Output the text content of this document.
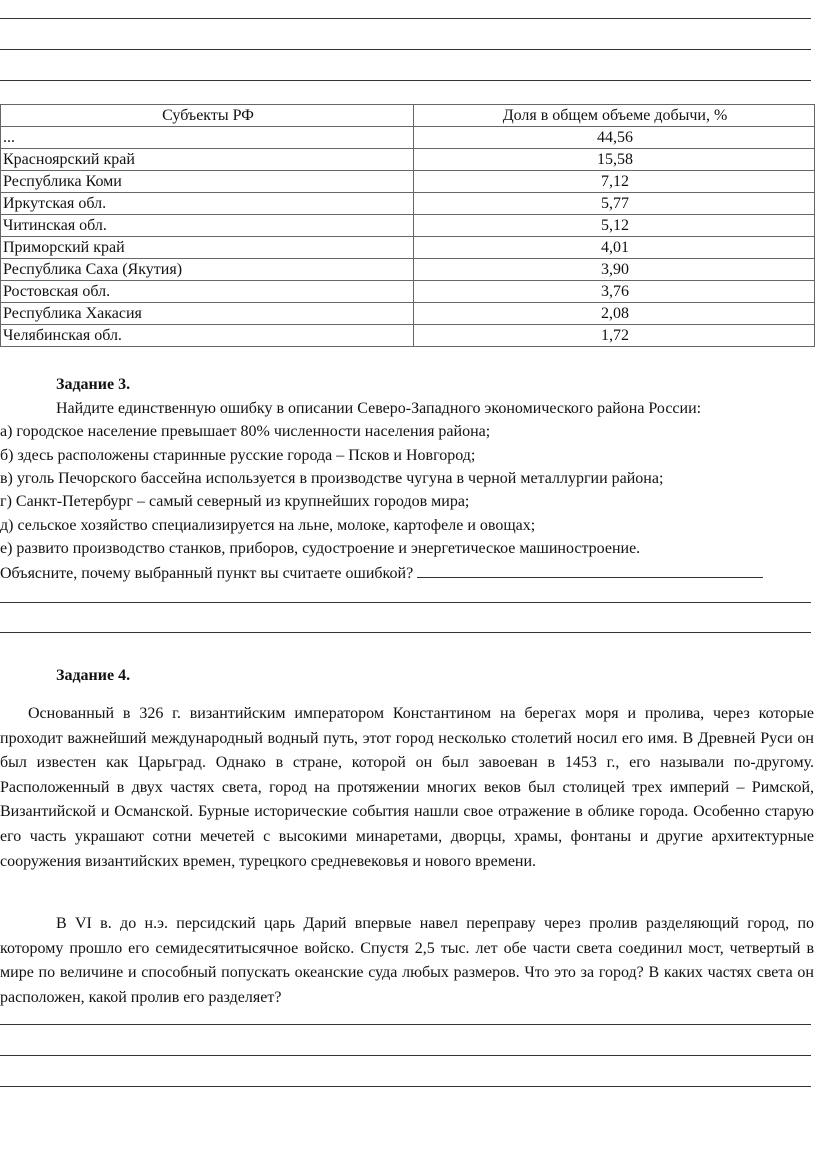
Субъекты РФ	Доля в общем объеме добычи, %
...	44,56
Красноярский край	15,58
Республика Коми	7,12
Иркутская обл.	5,77
Читинская обл.	5,12
Приморский край	4,01
Республика Саха (Якутия)	3,90
Ростовская обл.	3,76
Республика Хакасия	2,08
Челябинская обл.	1,72
Задание 3.
Найдите единственную ошибку в описании Северо-Западного экономического района России:
а) городское население превышает 80% численности населения района;
б) здесь расположены старинные русские города – Псков и Новгород;
в) уголь Печорского бассейна используется в производстве чугуна в черной металлургии района;
г) Санкт-Петербург – самый северный из крупнейших городов мира;
д) сельское хозяйство специализируется на льне, молоке, картофеле и овощах;
е) развито производство станков, приборов, судостроение и энергетическое машиностроение.
Объясните, почему выбранный пункт вы считаете ошибкой?
Задание 4.

Основанный в 326 г. византийским императором Константином на берегах моря и пролива, через которые проходит важнейший международный водный путь, этот город несколько столетий носил его имя. В Древней Руси он был известен как Царьград. Однако в стране, которой он был завоеван в 1453 г., его называли по-другому. Расположенный в двух частях света, город на протяжении многих веков был столицей трех империй – Римской, Византийской и Османской. Бурные исторические события нашли свое отражение в облике города. Особенно старую его часть украшают сотни мечетей с высокими минаретами, дворцы, храмы, фонтаны и другие архитектурные сооружения византийских времен, турецкого средневековья и нового времени.

В VI в. до н.э. персидский царь Дарий впервые навел переправу через пролив разделяющий город, по которому прошло его семидесятитысячное войско. Спустя 2,5 тыс. лет обе части света соединил мост, четвертый в мире по величине и способный попускать океанские суда любых размеров. Что это за город? В каких частях света он расположен, какой пролив его разделяет?
